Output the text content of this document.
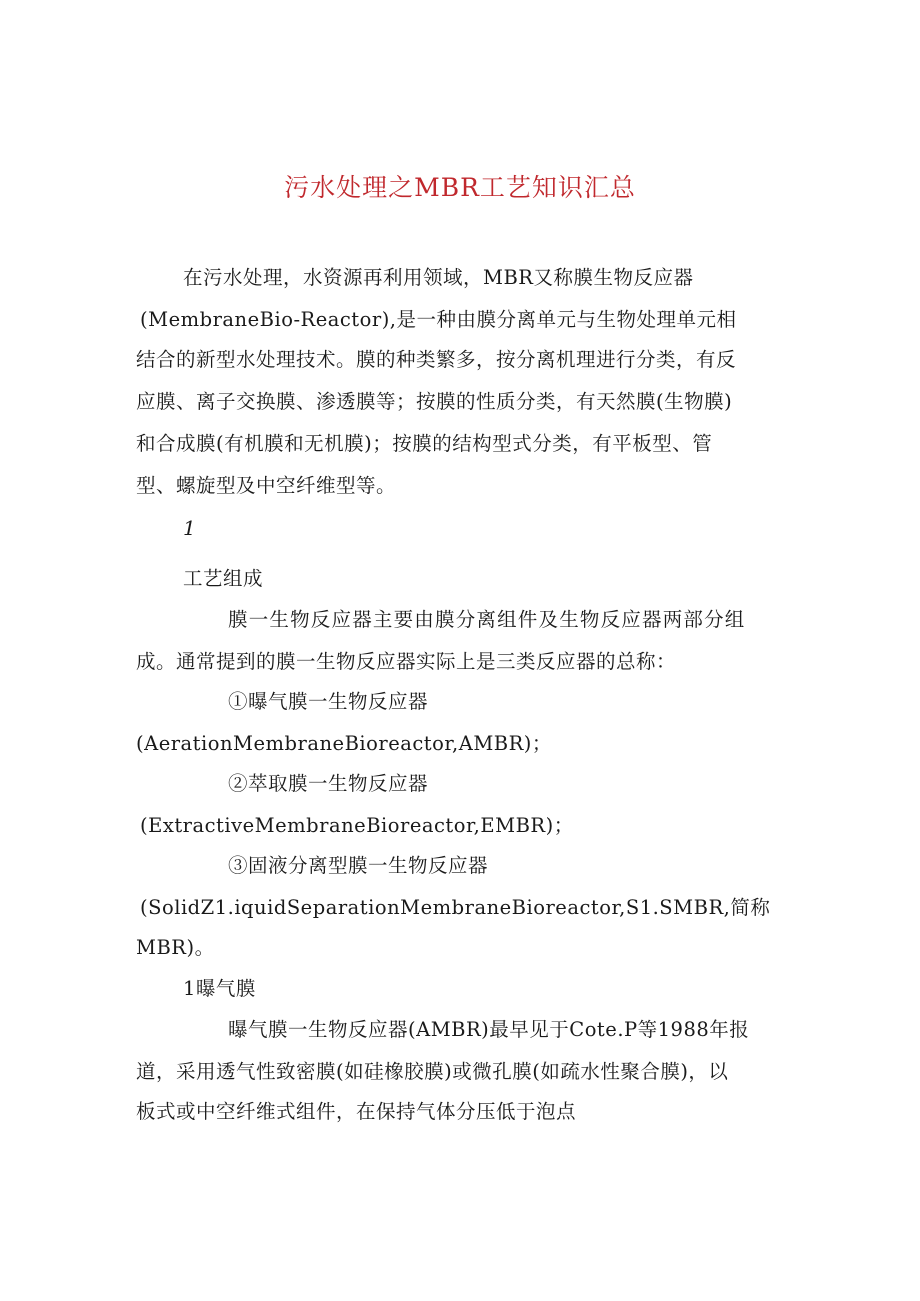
污水处理之MBR工艺知识汇总
在污水处理，水资源再利用领域，MBR又称膜生物反应器
(MembraneBio-Reactor),是一种由膜分离单元与生物处理单元相
结合的新型水处理技术。膜的种类繁多，按分离机理进行分类，有反
应膜、离子交换膜、渗透膜等；按膜的性质分类，有天然膜(生物膜)
和合成膜(有机膜和无机膜)；按膜的结构型式分类，有平板型、管
型、螺旋型及中空纤维型等。
1
工艺组成
膜一生物反应器主要由膜分离组件及生物反应器两部分组
成。通常提到的膜一生物反应器实际上是三类反应器的总称：
①曝气膜一生物反应器
(AerationMembraneBioreactor,AMBR)；
②萃取膜一生物反应器
(ExtractiveMembraneBioreactor,EMBR)；
③固液分离型膜一生物反应器
(SolidZ1.iquidSeparationMembraneBioreactor,S1.SMBR,简称
MBR)。
1曝气膜
曝气膜一生物反应器(AMBR)最早见于Cote.P等1988年报
道，采用透气性致密膜(如硅橡胶膜)或微孔膜(如疏水性聚合膜)，以
板式或中空纤维式组件，在保持气体分压低于泡点
